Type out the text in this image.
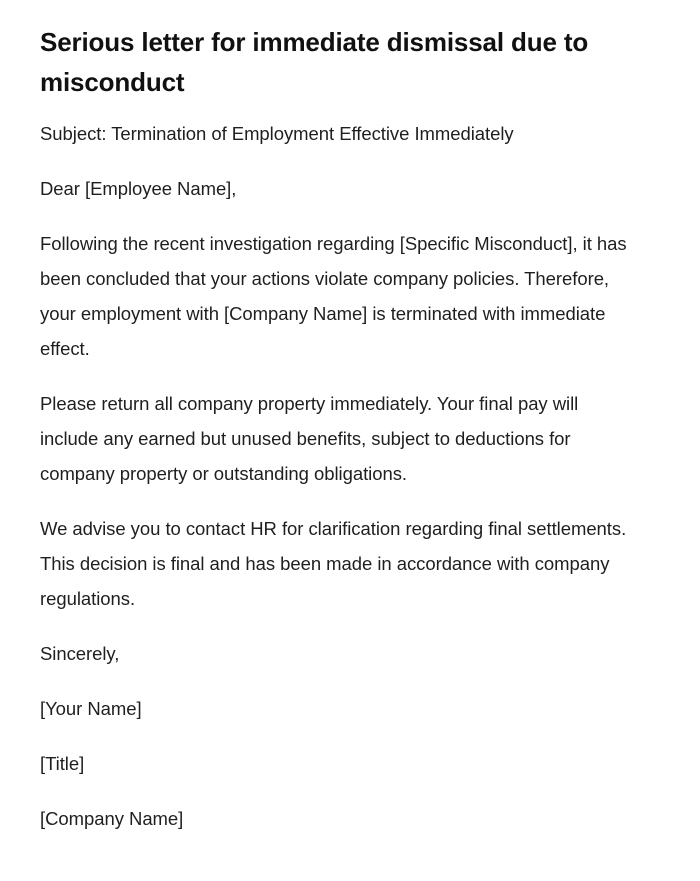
Serious letter for immediate dismissal due to misconduct

Subject: Termination of Employment Effective Immediately

Dear [Employee Name],

Following the recent investigation regarding [Specific Misconduct], it has been concluded that your actions violate company policies. Therefore, your employment with [Company Name] is terminated with immediate effect.

Please return all company property immediately. Your final pay will include any earned but unused benefits, subject to deductions for company property or outstanding obligations.

We advise you to contact HR for clarification regarding final settlements. This decision is final and has been made in accordance with company regulations.

Sincerely,

[Your Name]

[Title]

[Company Name]
